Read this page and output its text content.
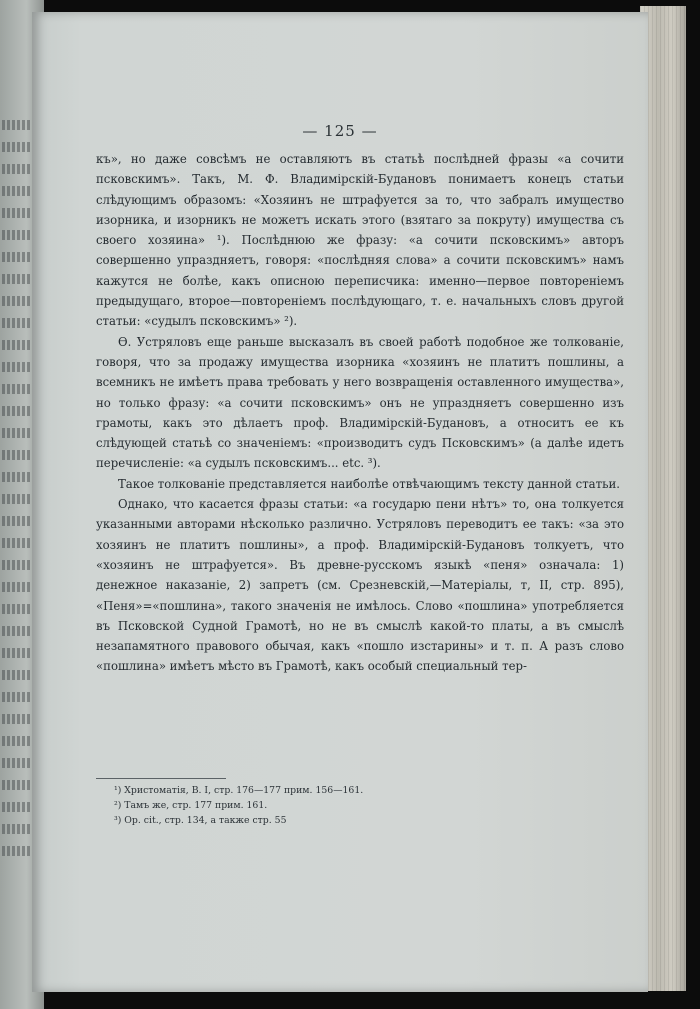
— 125 —

къ», но даже совсѣмъ не оставляютъ въ статьѣ послѣдней фразы «а сочити псковскимъ». Такъ, М. Ф. Владимірскій-Будановъ понимаетъ конецъ статьи слѣдующимъ образомъ: «Хозяинъ не штрафуется за то, что забралъ имущество изорника, и изорникъ не можетъ искать этого (взятаго за покруту) имущества съ своего хозяина» ¹). Послѣднюю же фразу: «а сочити псковскимъ» авторъ совершенно упраздняетъ, говоря: «послѣдняя слова» а сочити псковскимъ» намъ кажутся не болѣе, какъ описною переписчика: именно—первое повтореніемъ предыдущаго, второе—повтореніемъ послѣдующаго, т. е. начальныхъ словъ другой статьи: «судылъ псковскимъ» ²).

Ө. Устряловъ еще раньше высказалъ въ своей работѣ подобное же толкованіе, говоря, что за продажу имущества изорника «хозяинъ не платитъ пошлины, а всемникъ не имѣетъ права требовать у него возвращенія оставленного имущества», но только фразу: «а сочити псковскимъ» онъ не упраздняетъ совершенно изъ грамоты, какъ это дѣлаетъ проф. Владимірскій-Будановъ, а относитъ ее къ слѣдующей статьѣ со значеніемъ: «производитъ судъ Псковскимъ» (а далѣе идетъ перечисленіе: «а судылъ псковскимъ... etc. ³).

Такое толкованіе представляется наиболѣе отвѣчающимъ тексту данной статьи.

Однако, что касается фразы статьи: «а государю пени нѣтъ» то, она толкуется указанными авторами нѣсколько различно. Устряловъ переводитъ ее такъ: «за это хозяинъ не платитъ пошлины», а проф. Владимірскій-Будановъ толкуетъ, что «хозяинъ не штрафуется». Въ древне-русскомъ языкѣ «пеня» означала: 1) денежное наказаніе, 2) запретъ (см. Срезневскій,—Матеріалы, т, II, стр. 895), «Пеня»=«пошлина», такого значенія не имѣлось. Слово «пошлина» употребляется въ Псковской Судной Грамотѣ, но не въ смыслѣ какой-то платы, а въ смыслѣ незапамятного правового обычая, какъ «пошло изстарины» и т. п. А разъ слово «пошлина» имѣетъ мѣсто въ Грамотѣ, какъ особый специальный тер-

¹) Христоматія, В. I, стр. 176—177 прим. 156—161.
²) Тамъ же, стр. 177 прим. 161.
³) Op. cit., стр. 134, а также стр. 55
